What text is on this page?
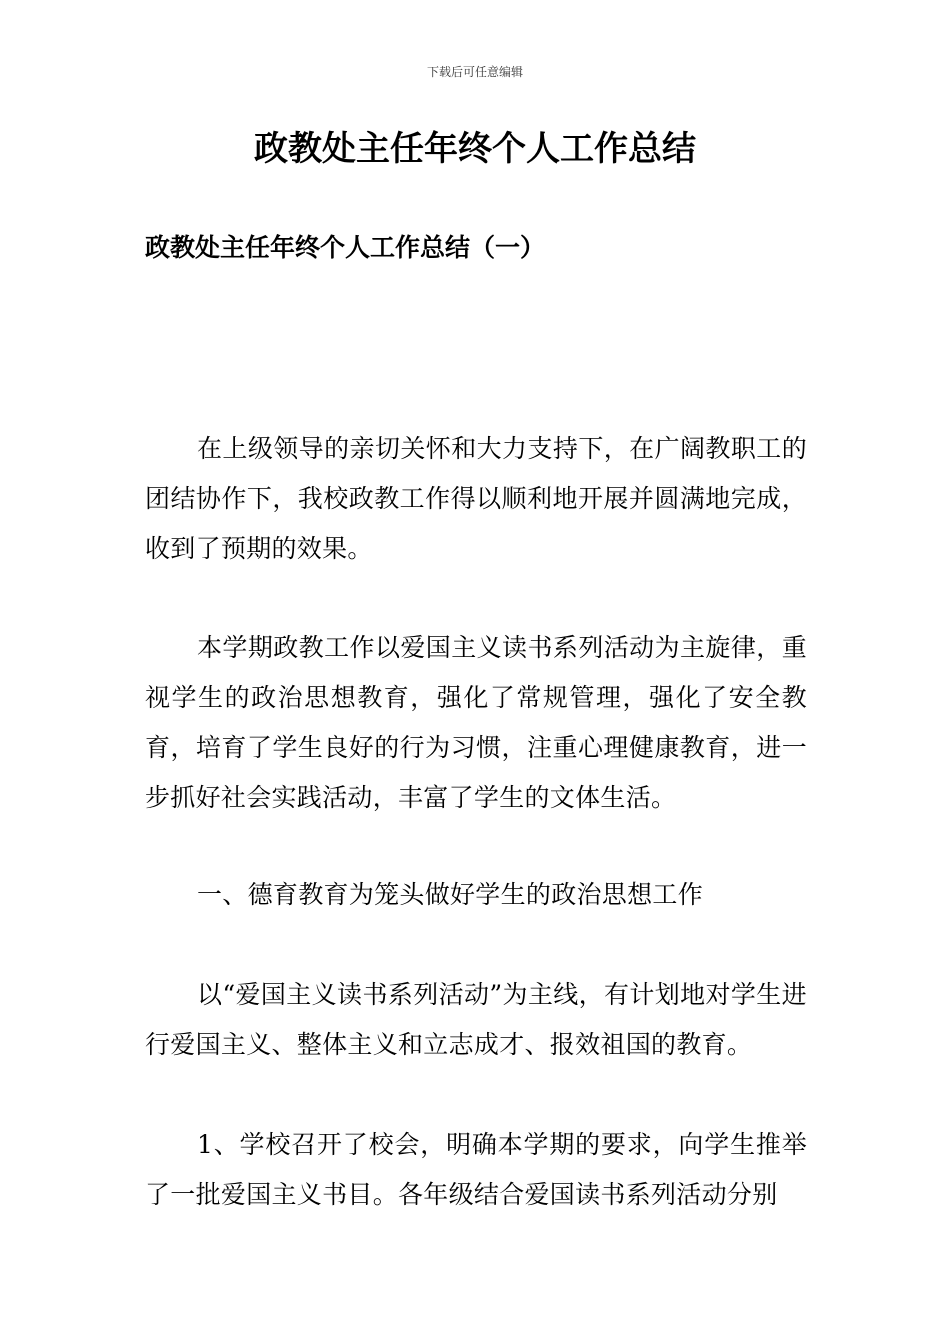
下载后可任意编辑
政教处主任年终个人工作总结
政教处主任年终个人工作总结（一）

在上级领导的亲切关怀和大力支持下，在广阔教职工的团结协作下，我校政教工作得以顺利地开展并圆满地完成，收到了预期的效果。

本学期政教工作以爱国主义读书系列活动为主旋律，重视学生的政治思想教育，强化了常规管理，强化了安全教育，培育了学生良好的行为习惯，注重心理健康教育，进一步抓好社会实践活动，丰富了学生的文体生活。

一、德育教育为笼头做好学生的政治思想工作

以“爱国主义读书系列活动”为主线，有计划地对学生进行爱国主义、整体主义和立志成才、报效祖国的教育。

1、学校召开了校会，明确本学期的要求，向学生推举了一批爱国主义书目。各年级结合爱国读书系列活动分别
